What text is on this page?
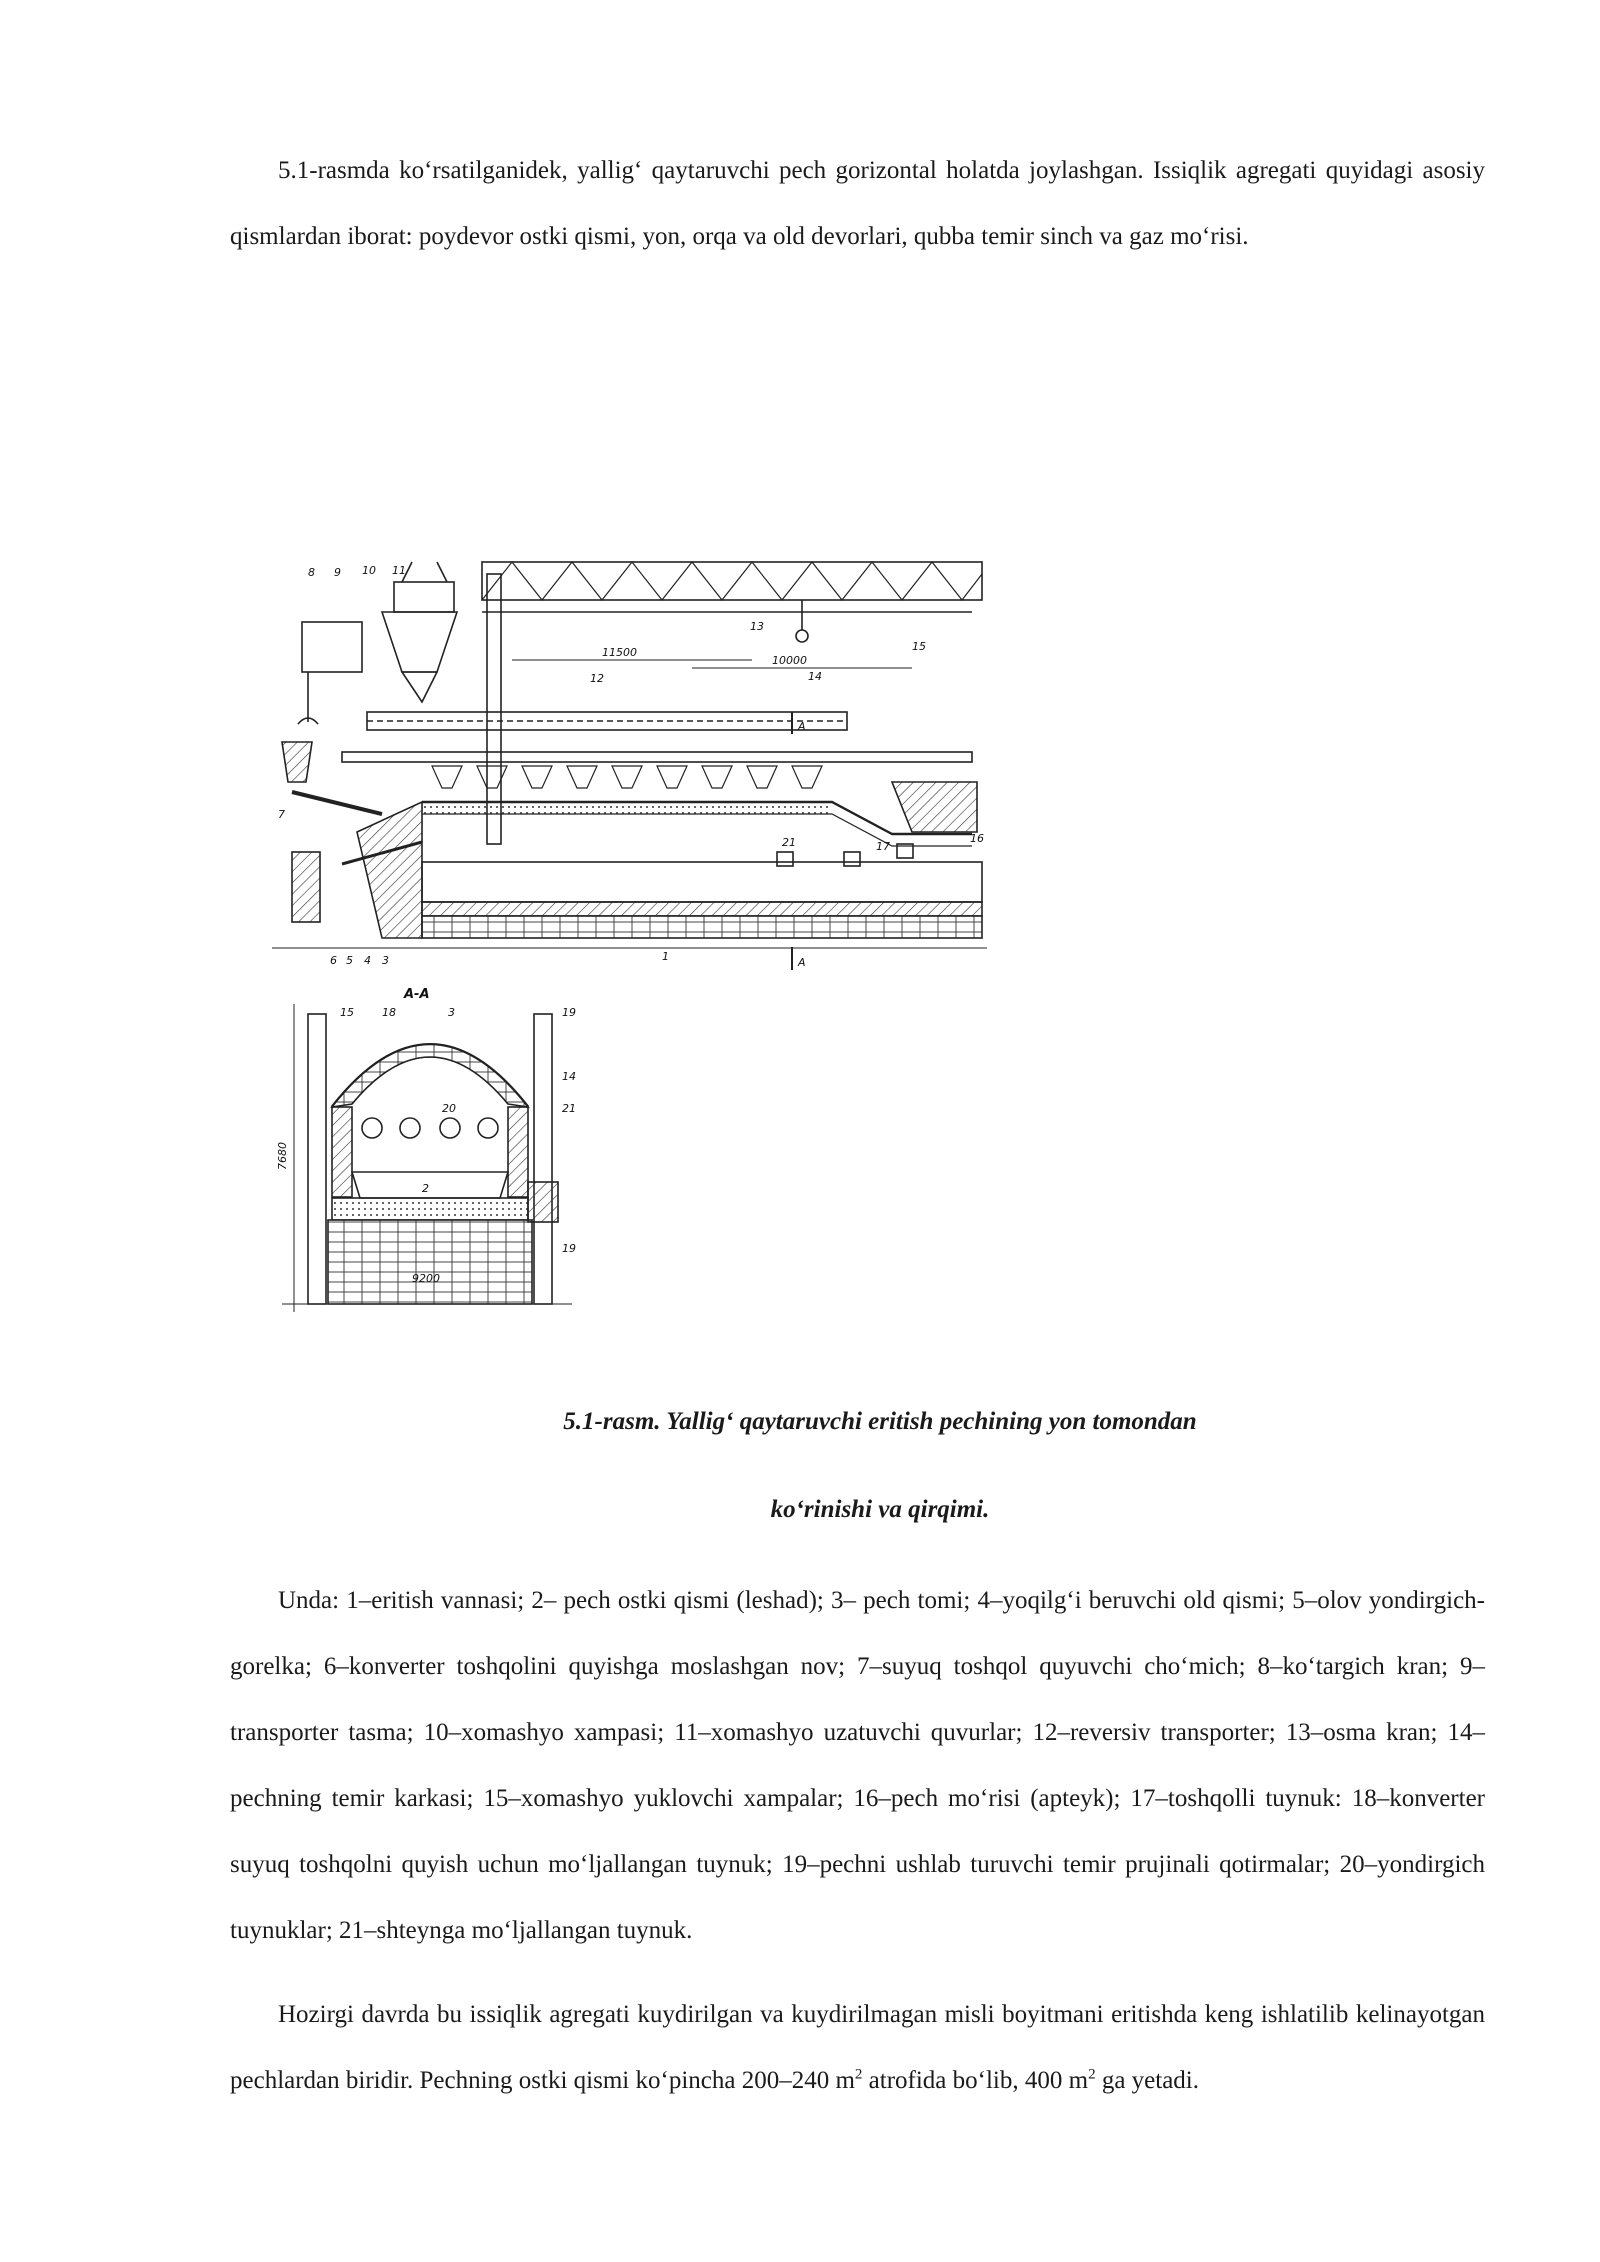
5.1-rasmda ko‘rsatilganidek, yallig‘ qaytaruvchi pech gorizontal holatda joylashgan. Issiqlik agregati quyidagi asosiy qismlardan iborat: poydevor ostki qismi, yon, orqa va old devorlari, qubba temir sinch va gaz mo‘risi.

8 9 10 11
13
12	14
15
16
17
21
1
7
6 5 4 3
11500
10000
A
A
A-A
15	18	3	19
20
14
21
2
19
9200
7680

5.1-rasm. Yallig‘ qaytaruvchi eritish pechining yon tomondan

ko‘rinishi va qirqimi.

Unda: 1–eritish vannasi; 2– pech ostki qismi (leshad); 3– pech tomi; 4–yoqilg‘i beruvchi old qismi; 5–olov yondirgich-gorelka; 6–konverter toshqolini quyishga moslashgan nov; 7–suyuq toshqol quyuvchi cho‘mich; 8–ko‘targich kran; 9–transporter tasma; 10–xomashyo xampasi; 11–xomashyo uzatuvchi quvurlar; 12–reversiv transporter; 13–osma kran; 14–pechning temir karkasi; 15–xomashyo yuklovchi xampalar; 16–pech mo‘risi (apteyk); 17–toshqolli tuynuk: 18–konverter suyuq toshqolni quyish uchun mo‘ljallangan tuynuk; 19–pechni ushlab turuvchi temir prujinali qotirmalar; 20–yondirgich tuynuklar; 21–shteynga mo‘ljallangan tuynuk.

Hozirgi davrda bu issiqlik agregati kuydirilgan va kuydirilmagan misli boyitmani eritishda keng ishlatilib kelinayotgan pechlardan biridir. Pechning ostki qismi ko‘pincha 200–240 $m^2$ atrofida bo‘lib, 400 $m^2$ ga yetadi.
